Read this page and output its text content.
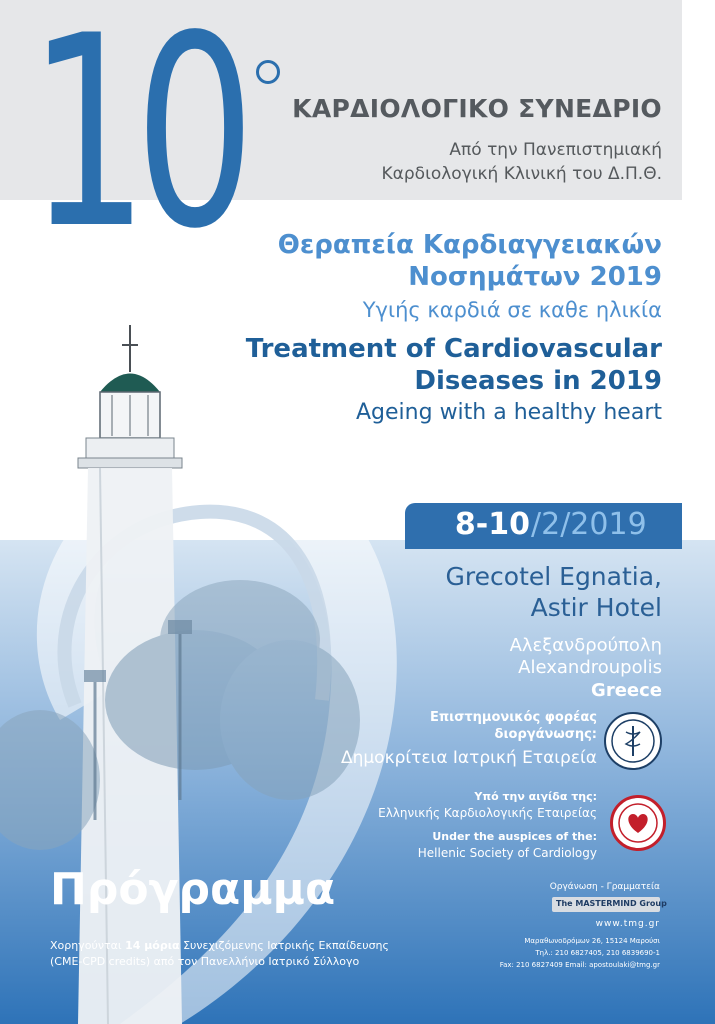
10	ΚΑΡΔΙΟΛΟΓΙΚΟ ΣΥΝΕΔΡΙΟ
Από την Πανεπιστημιακή
Καρδιολογική Κλινική του Δ.Π.Θ.
Θεραπεία Καρδιαγγειακών
Νοσημάτων 2019
Υγιής καρδιά σε καθε ηλικία
Treatment of Cardiovascular
Diseases in 2019
Ageing with a healthy heart
8-10 /2/2019
Grecotel Egnatia,
Astir Hotel
Αλεξανδρούπολη
Alexandroupolis
Greece
Επιστημονικός φορέας
διοργάνωσης:
Δημοκρίτεια Ιατρική Εταιρεία
Υπό την αιγίδα της:
Ελληνικής Καρδιολογικής Εταιρείας
Under the auspices of the:
Hellenic Society of Cardiology
Πρόγραμμα
Χορηγούνται 14 μόρια Συνεχιζόμενης Ιατρικής Εκπαίδευσης
(CME-CPD credits) από τον Πανελλήνιο Ιατρικό Σύλλογο
Οργάνωση - Γραμματεία
The MASTERMIND Group
www.tmg.gr
Μαραθωνοδρόμων 26, 15124 Μαρούσι
Τηλ.: 210 6827405, 210 6839690-1
Fax: 210 6827409 Email: apostoulaki@tmg.gr
